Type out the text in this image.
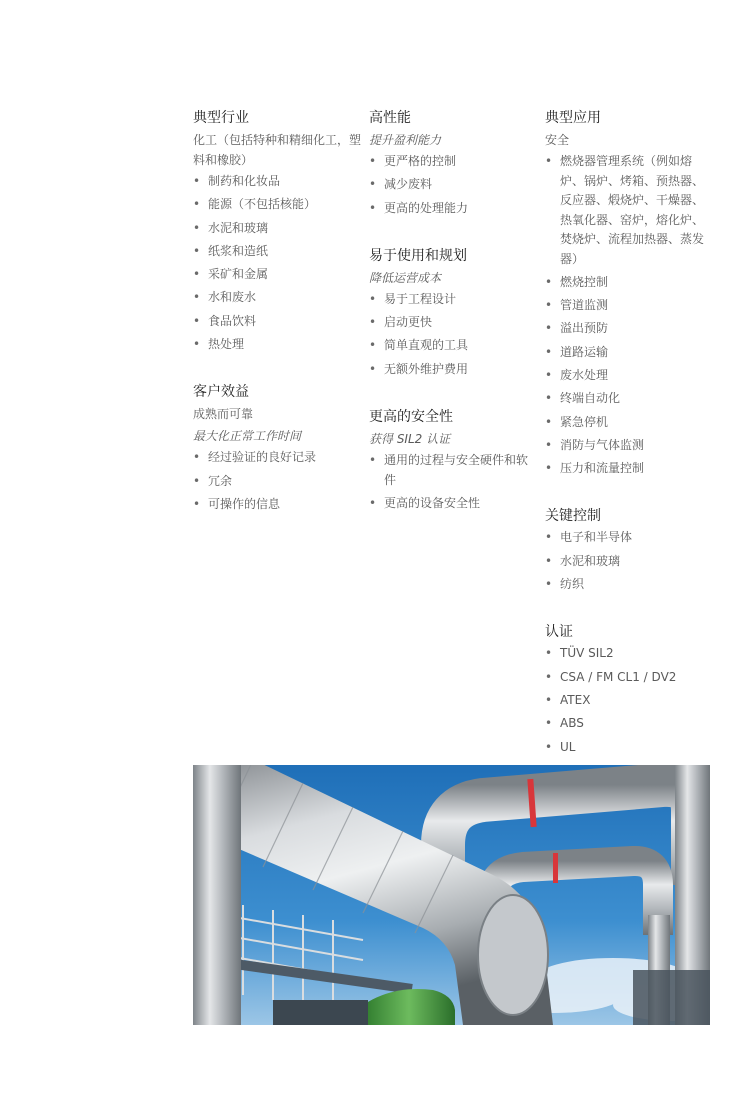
典型行业
化工（包括特种和精细化工，塑料和橡胶）
• 制药和化妆品
• 能源（不包括核能）
• 水泥和玻璃
• 纸浆和造纸
• 采矿和金属
• 水和废水
• 食品饮料
• 热处理
客户效益
成熟而可靠
最大化正常工作时间
• 经过验证的良好记录
• 冗余
• 可操作的信息
高性能
提升盈利能力
• 更严格的控制
• 减少废料
• 更高的处理能力
易于使用和规划
降低运营成本
• 易于工程设计
• 启动更快
• 简单直观的工具
• 无额外维护费用
更高的安全性
获得 SIL2 认证
• 通用的过程与安全硬件和软件
• 更高的设备安全性
典型应用
安全
• 燃烧器管理系统（例如熔炉、锅炉、烤箱、预热器、反应器、煅烧炉、干燥器、热氧化器、窑炉，熔化炉、焚烧炉、流程加热器、蒸发器）
• 燃烧控制
• 管道监测
• 溢出预防
• 道路运输
• 废水处理
• 终端自动化
• 紧急停机
• 消防与气体监测
• 压力和流量控制
关键控制
• 电子和半导体
• 水泥和玻璃
• 纺织
认证
• TÜV SIL2
• CSA / FM CL1 / DV2
• ATEX
• ABS
• UL
•
